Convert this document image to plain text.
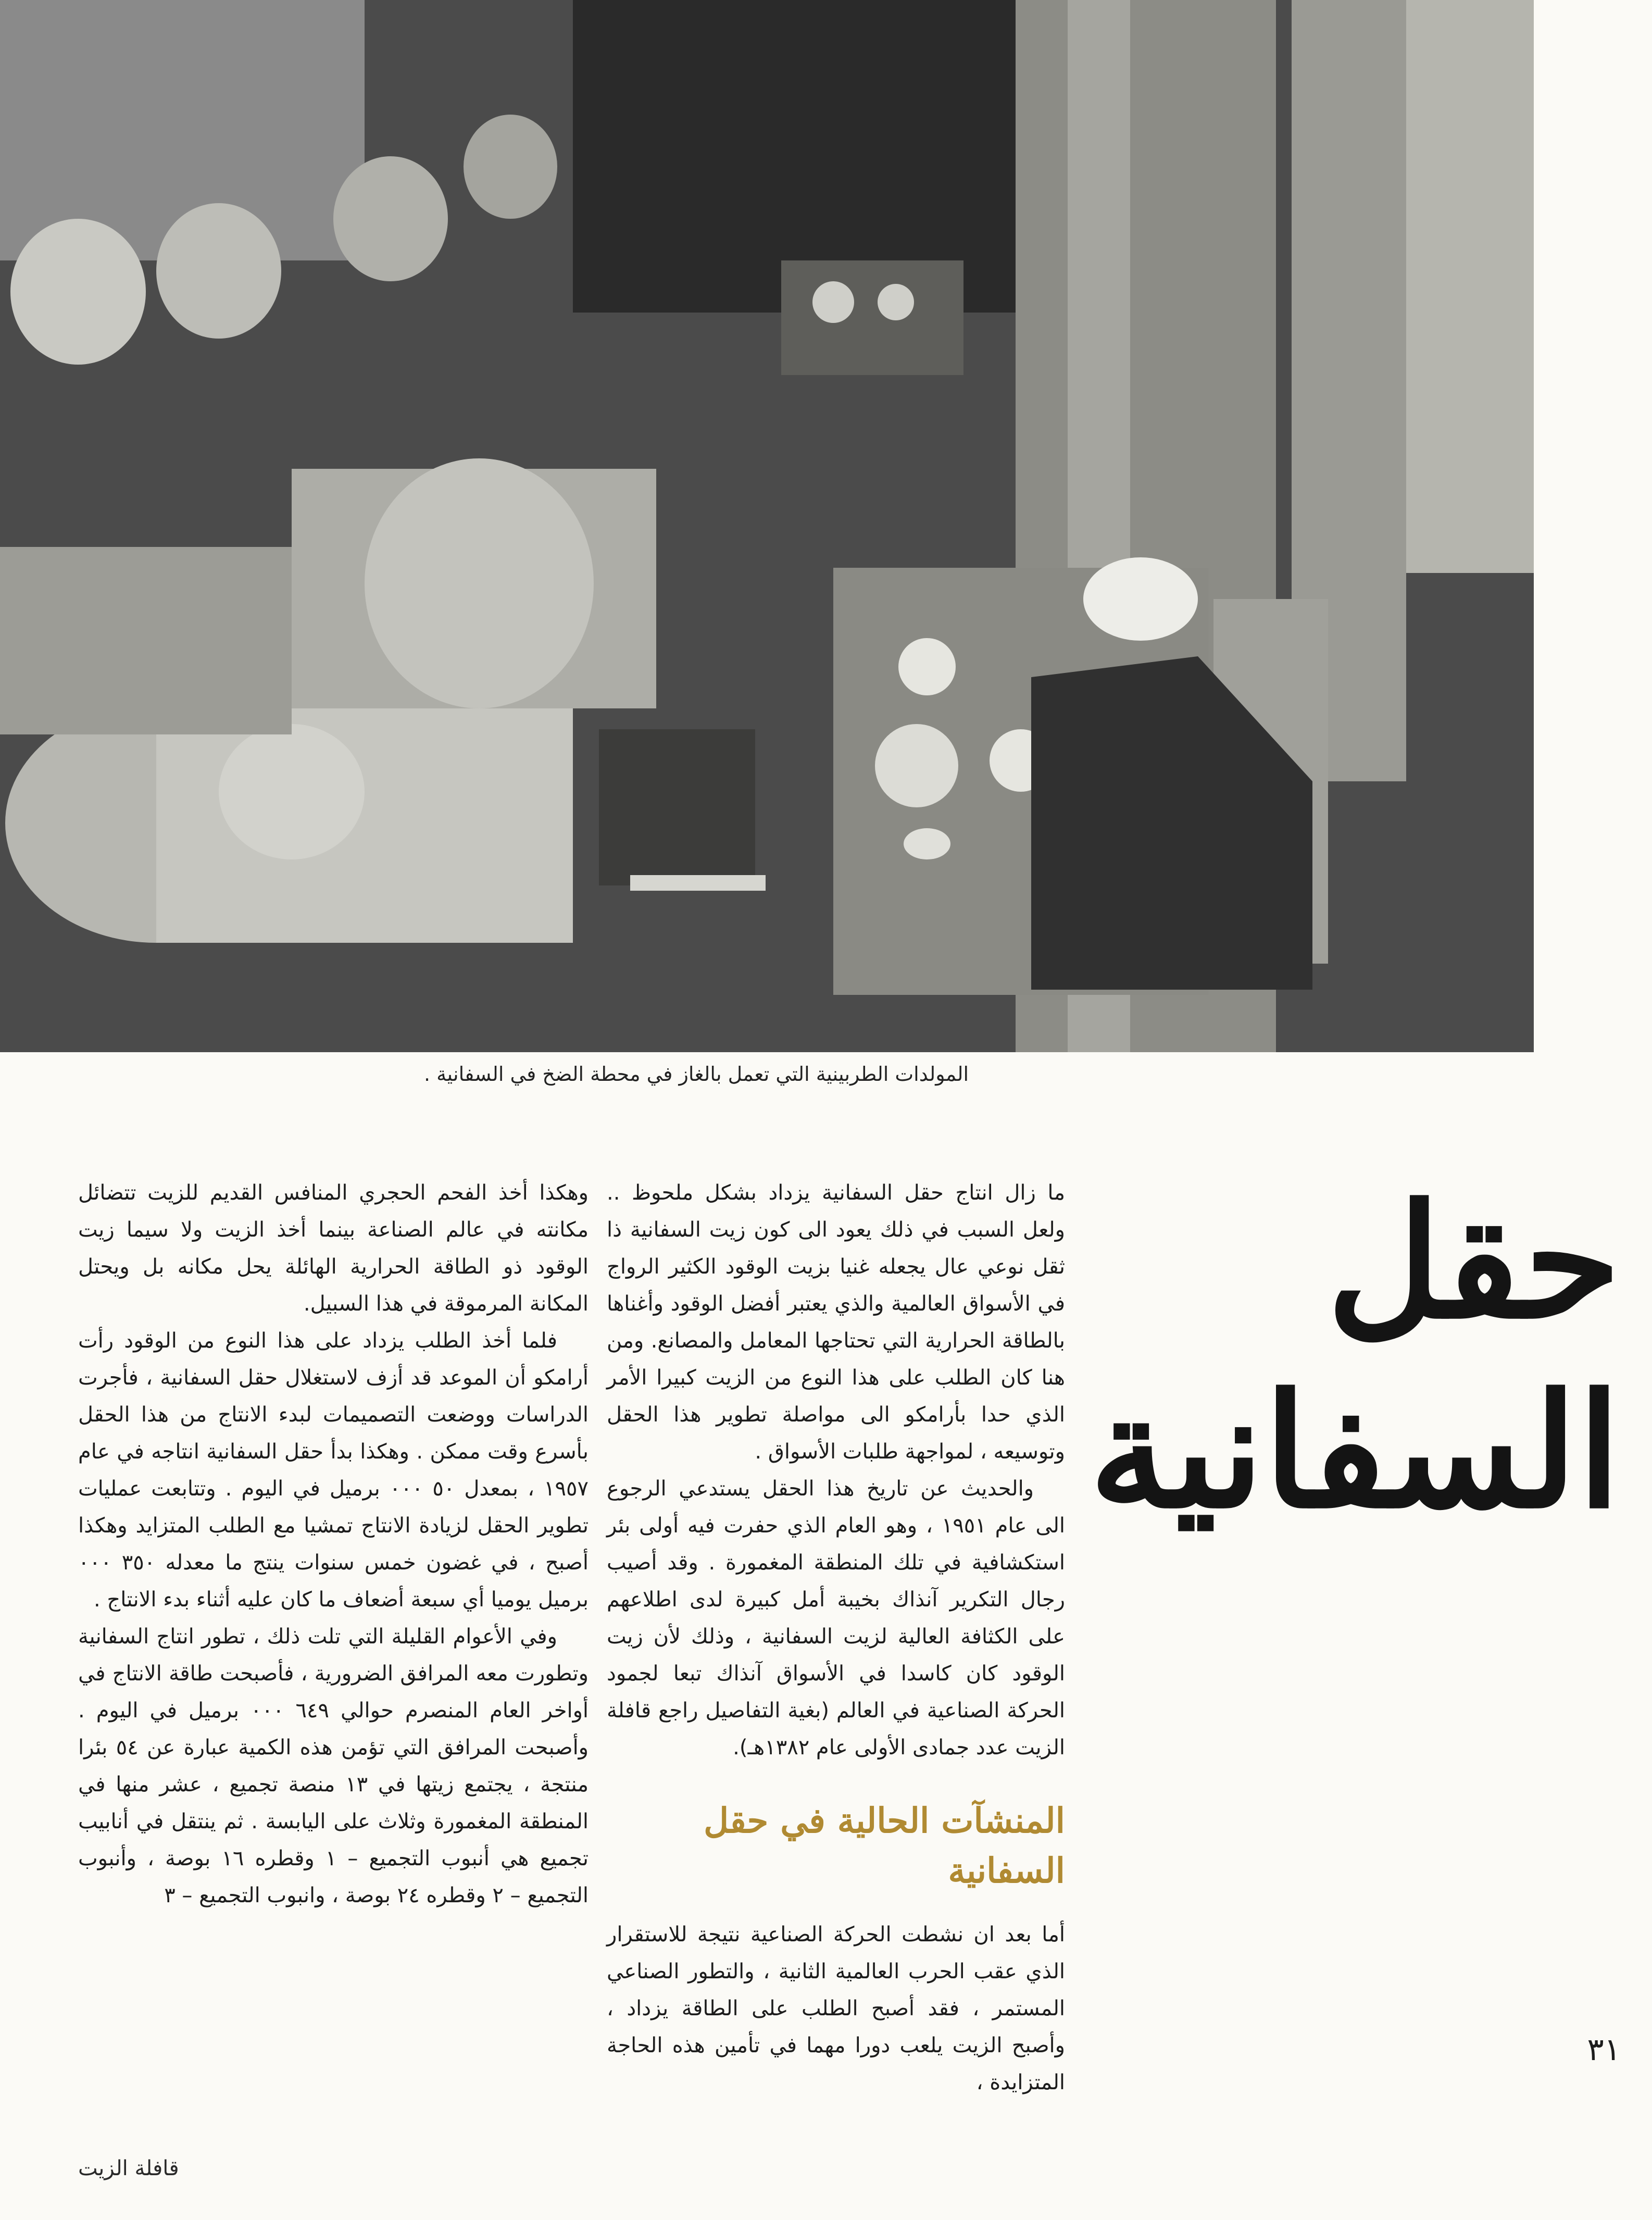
المولدات الطربينية التي تعمل بالغاز في محطة الضخ في السفانية .
حقل
السفانية

ما زال انتاج حقل السفانية يزداد بشكل ملحوظ .. ولعل السبب في ذلك يعود الى كون زيت السفانية ذا ثقل نوعي عال يجعله غنيا بزيت الوقود الكثير الرواج في الأسواق العالمية والذي يعتبر أفضل الوقود وأغناها بالطاقة الحرارية التي تحتاجها المعامل والمصانع. ومن هنا كان الطلب على هذا النوع من الزيت كبيرا الأمر الذي حدا بأرامكو الى مواصلة تطوير هذا الحقل وتوسيعه ، لمواجهة طلبات الأسواق .

والحديث عن تاريخ هذا الحقل يستدعي الرجوع الى عام ١٩٥١ ، وهو العام الذي حفرت فيه أولى بئر استكشافية في تلك المنطقة المغمورة . وقد أصيب رجال التكرير آنذاك بخيبة أمل كبيرة لدى اطلاعهم على الكثافة العالية لزيت السفانية ، وذلك لأن زيت الوقود كان كاسدا في الأسواق آنذاك تبعا لجمود الحركة الصناعية في العالم (بغية التفاصيل راجع قافلة الزيت عدد جمادى الأولى عام ١٣٨٢هـ).

المنشآت الحالية في حقل السفانية

أما بعد ان نشطت الحركة الصناعية نتيجة للاستقرار الذي عقب الحرب العالمية الثانية ، والتطور الصناعي المستمر ، فقد أصبح الطلب على الطاقة يزداد ، وأصبح الزيت يلعب دورا مهما في تأمين هذه الحاجة المتزايدة ،

وهكذا أخذ الفحم الحجري المنافس القديم للزيت تتضائل مكانته في عالم الصناعة بينما أخذ الزيت ولا سيما زيت الوقود ذو الطاقة الحرارية الهائلة يحل مكانه بل ويحتل المكانة المرموقة في هذا السبيل.

فلما أخذ الطلب يزداد على هذا النوع من الوقود رأت أرامكو أن الموعد قد أزف لاستغلال حقل السفانية ، فأجرت الدراسات ووضعت التصميمات لبدء الانتاج من هذا الحقل بأسرع وقت ممكن . وهكذا بدأ حقل السفانية انتاجه في عام ١٩٥٧ ، بمعدل ٥٠ ٠٠٠ برميل في اليوم . وتتابعت عمليات تطوير الحقل لزيادة الانتاج تمشيا مع الطلب المتزايد وهكذا أصبح ، في غضون خمس سنوات ينتج ما معدله ٣٥٠ ٠٠٠ برميل يوميا أي سبعة أضعاف ما كان عليه أثناء بدء الانتاج .

وفي الأعوام القليلة التي تلت ذلك ، تطور انتاج السفانية وتطورت معه المرافق الضرورية ، فأصبحت طاقة الانتاج في أواخر العام المنصرم حوالي ٦٤٩ ٠٠٠ برميل في اليوم . وأصبحت المرافق التي تؤمن هذه الكمية عبارة عن ٥٤ بئرا منتجة ، يجتمع زيتها في ١٣ منصة تجميع ، عشر منها في المنطقة المغمورة وثلاث على اليابسة . ثم ينتقل في أنابيب تجميع هي أنبوب التجميع – ١ وقطره ١٦ بوصة ، وأنبوب التجميع – ٢ وقطره ٢٤ بوصة ، وانبوب التجميع – ٣

٣١
قافلة الزيت
